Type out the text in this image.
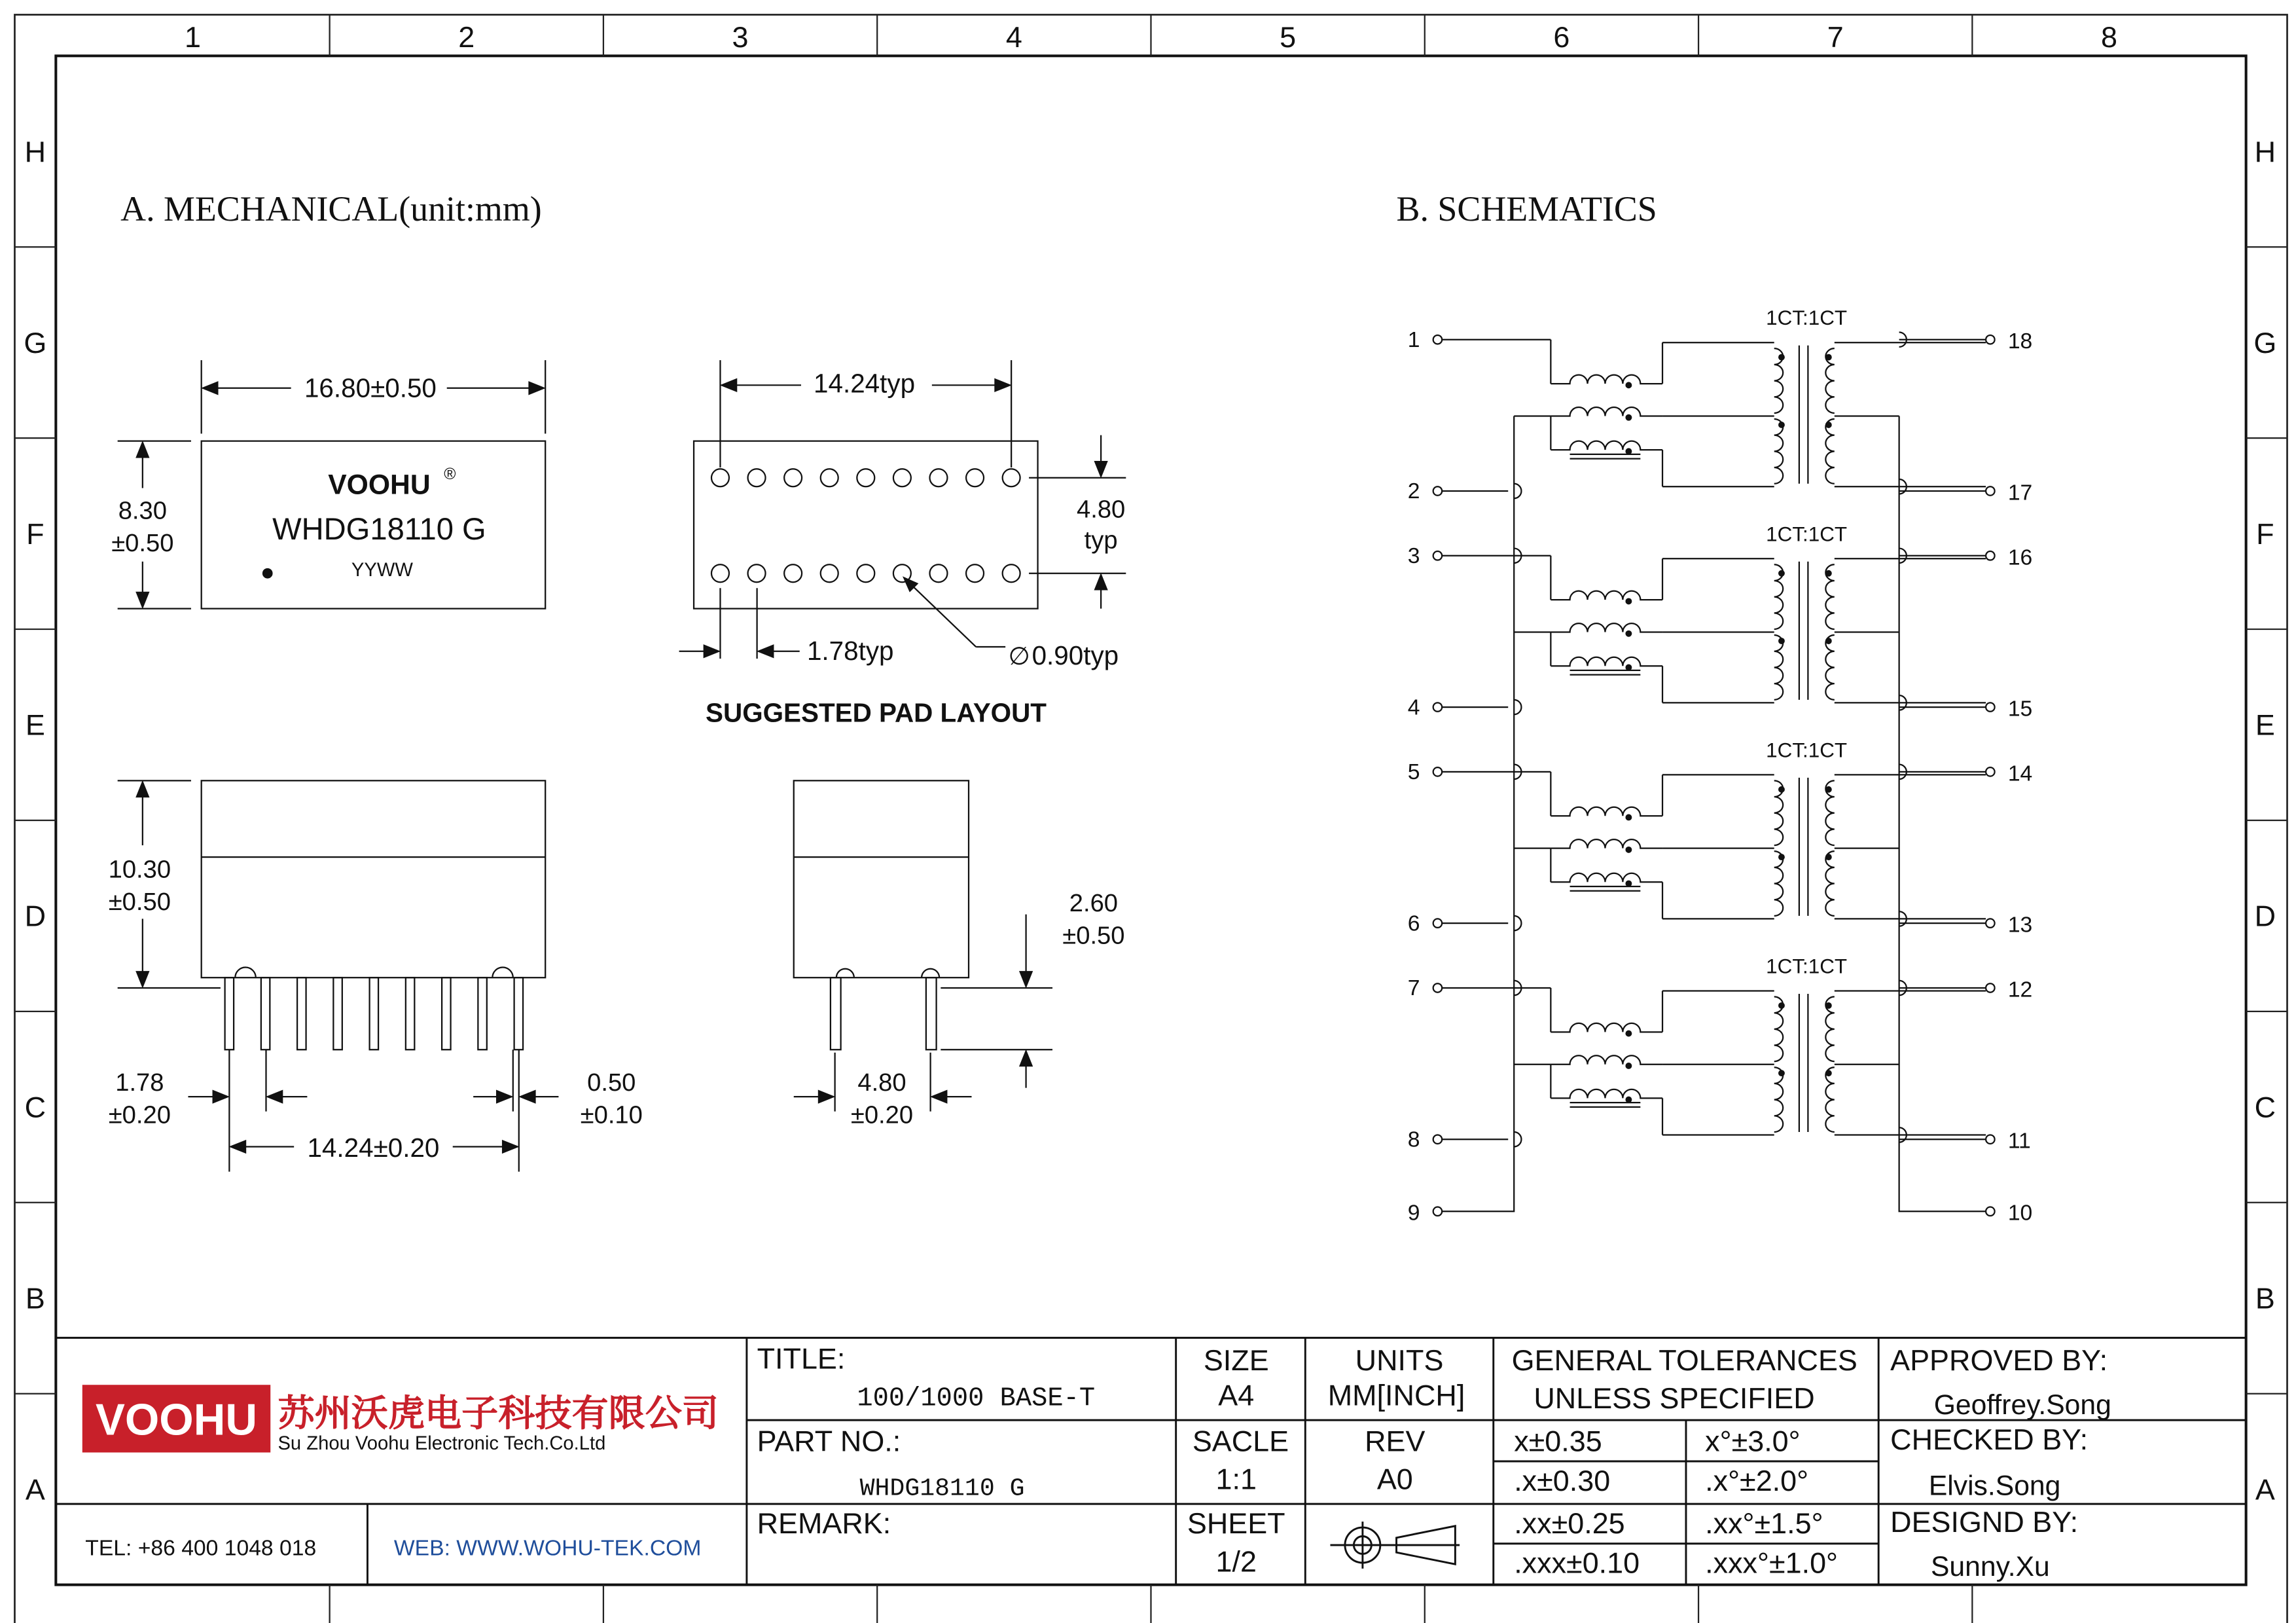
1	2	3	4	5	6	7	8
H	H
G	G
F	F
E	E
D	D
C	C
B	B
A	A
A. MECHANICAL(unit:mm)
16.80±0.50
8.30
±0.50
VOOHU ®
WHDG18110 G
YYWW
14.24typ
4.80
typ
1.78typ	∅ 0.90typ
SUGGESTED PAD LAYOUT
10.30
±0.50
1.78
±0.20
14.24±0.20
0.50
±0.10
2.60
±0.50
4.80
±0.20
B. SCHEMATICS
1
2
18
17
1CT:1CT
3
4
16
15
1CT:1CT
5
6
14
13
1CT:1CT
7
8
12
11
1CT:1CT
9	10
VOOHU 苏州沃虎电子科技有限公司
Su Zhou Voohu Electronic Tech.Co.Ltd
TEL: +86 400 1048 018	WEB: WWW.WOHU-TEK.COM
TITLE:
100/1000 BASE-T
PART NO.:
WHDG18110 G
REMARK:
SIZE
A4
UNITS
MM[INCH]
SACLE
1:1
REV
A0
SHEET
1/2
GENERAL TOLERANCES
UNLESS SPECIFIED
x±0.35	x°±3.0°
.x±0.30	.x°±2.0°
.xx±0.25	.xx°±1.5°
.xxx±0.10	.xxx°±1.0°
APPROVED BY:
Geoffrey.Song
CHECKED BY:
Elvis.Song
DESIGND BY:
Sunny.Xu
